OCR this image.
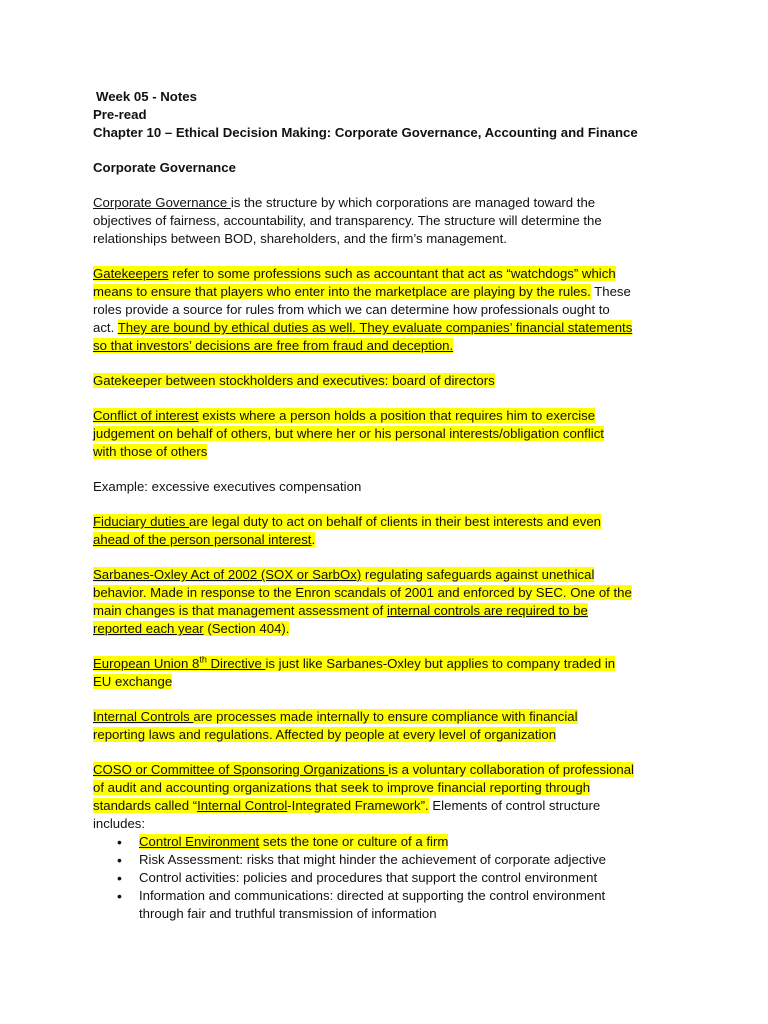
Week 05 - Notes
Pre-read
Chapter 10 – Ethical Decision Making: Corporate Governance, Accounting and Finance
Corporate Governance
Corporate Governance is the structure by which corporations are managed toward the
objectives of fairness, accountability, and transparency. The structure will determine the
relationships between BOD, shareholders, and the firm’s management.
Gatekeepers refer to some professions such as accountant that act as “watchdogs” which
means to ensure that players who enter into the marketplace are playing by the rules. These
roles provide a source for rules from which we can determine how professionals ought to
act. They are bound by ethical duties as well. They evaluate companies’ financial statements
so that investors’ decisions are free from fraud and deception.
Gatekeeper between stockholders and executives: board of directors
Conflict of interest exists where a person holds a position that requires him to exercise
judgement on behalf of others, but where her or his personal interests/obligation conflict
with those of others
Example: excessive executives compensation
Fiduciary duties are legal duty to act on behalf of clients in their best interests and even
ahead of the person personal interest.
Sarbanes-Oxley Act of 2002 (SOX or SarbOx) regulating safeguards against unethical
behavior. Made in response to the Enron scandals of 2001 and enforced by SEC. One of the
main changes is that management assessment of internal controls are required to be
reported each year (Section 404).
European Union 8th Directive is just like Sarbanes-Oxley but applies to company traded in
EU exchange
Internal Controls are processes made internally to ensure compliance with financial
reporting laws and regulations. Affected by people at every level of organization
COSO or Committee of Sponsoring Organizations is a voluntary collaboration of professional
of audit and accounting organizations that seek to improve financial reporting through
standards called “Internal Control-Integrated Framework”. Elements of control structure
includes:
• Control Environment sets the tone or culture of a firm
• Risk Assessment: risks that might hinder the achievement of corporate adjective
• Control activities: policies and procedures that support the control environment
• Information and communications: directed at supporting the control environment
through fair and truthful transmission of information
